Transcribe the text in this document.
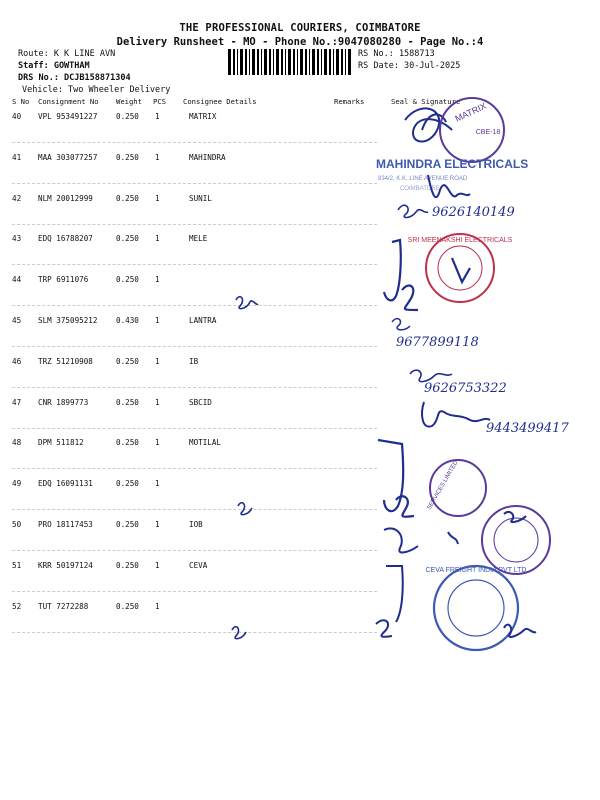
THE PROFESSIONAL COURIERS, COIMBATORE
Delivery Runsheet - MO - Phone No.:9047080280 - Page No.:4
Route: K K LINE AVN
Staff: GOWTHAM
DRS No.: DCJB158871304
Vehicle: Two Wheeler Delivery
RS No.: 1588713
RS Date: 30-Jul-2025
S No Consignment No Weight PCS Consignee Details	Remarks	Seal & Signature
40 VPL 953491227 0.250 1	MATRIX
41 MAA 303077257 0.250 1	MAHINDRA
42 NLM 20012999	0.250 1	SUNIL
43 EDQ 16788207	0.250 1	MELE
44 TRP 6911076	0.250 1
45 SLM 375095212 0.430 1	LANTRA
46 TRZ 51210908	0.250 1	IB
47 CNR 1899773	0.250 1	SBCID
48 DPM 511812	0.250 1	MOTILAL
49 EDQ 16091131	0.250 1
50 PRO 18117453	0.250 1	IOB
51 KRR 50197124	0.250 1	CEVA
52 TUT 7272288	0.250 1
MATRIX
CBE-18
MAHINDRA ELECTRICALS
834/2, K.K. LINE AVENUE ROAD
COIMBATORE
9626140149
SRI MEENAKSHI ELECTRICALS
9677899118
9626753322
9443499417
SERVICES LIMITED
CEVA FREIGHT INDIA PVT LTD
